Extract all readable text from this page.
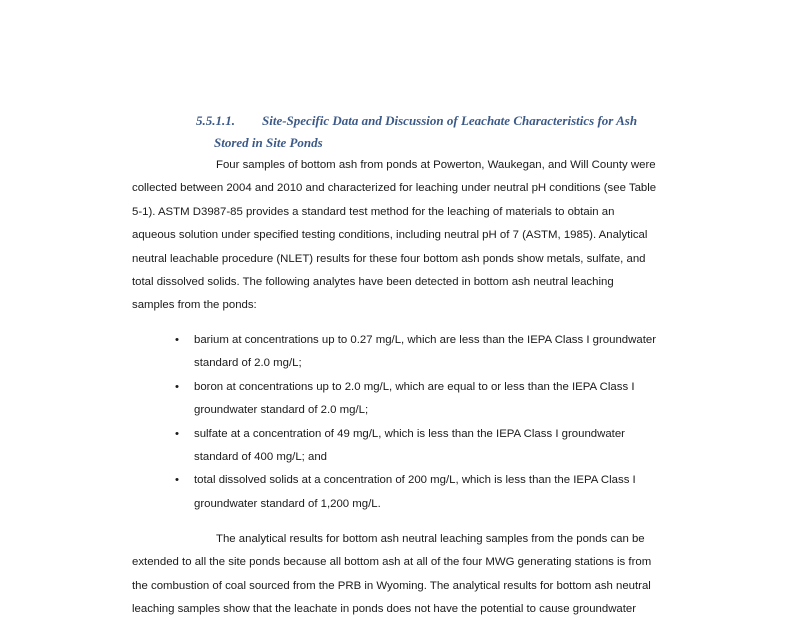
5.5.1.1. Site-Specific Data and Discussion of Leachate Characteristics for Ash
Stored in Site Ponds

Four samples of bottom ash from ponds at Powerton, Waukegan, and Will County were
collected between 2004 and 2010 and characterized for leaching under neutral pH conditions (see Table
5-1). ASTM D3987-85 provides a standard test method for the leaching of materials to obtain an
aqueous solution under specified testing conditions, including neutral pH of 7 (ASTM, 1985). Analytical
neutral leachable procedure (NLET) results for these four bottom ash ponds show metals, sulfate, and
total dissolved solids. The following analytes have been detected in bottom ash neutral leaching
samples from the ponds:

• barium at concentrations up to 0.27 mg/L, which are less than the IEPA Class I groundwater
standard of 2.0 mg/L;
• boron at concentrations up to 2.0 mg/L, which are equal to or less than the IEPA Class I
groundwater standard of 2.0 mg/L;
• sulfate at a concentration of 49 mg/L, which is less than the IEPA Class I groundwater
standard of 400 mg/L; and
• total dissolved solids at a concentration of 200 mg/L, which is less than the IEPA Class I
groundwater standard of 1,200 mg/L.

The analytical results for bottom ash neutral leaching samples from the ponds can be
extended to all the site ponds because all bottom ash at all of the four MWG generating stations is from
the combustion of coal sourced from the PRB in Wyoming. The analytical results for bottom ash neutral
leaching samples show that the leachate in ponds does not have the potential to cause groundwater
